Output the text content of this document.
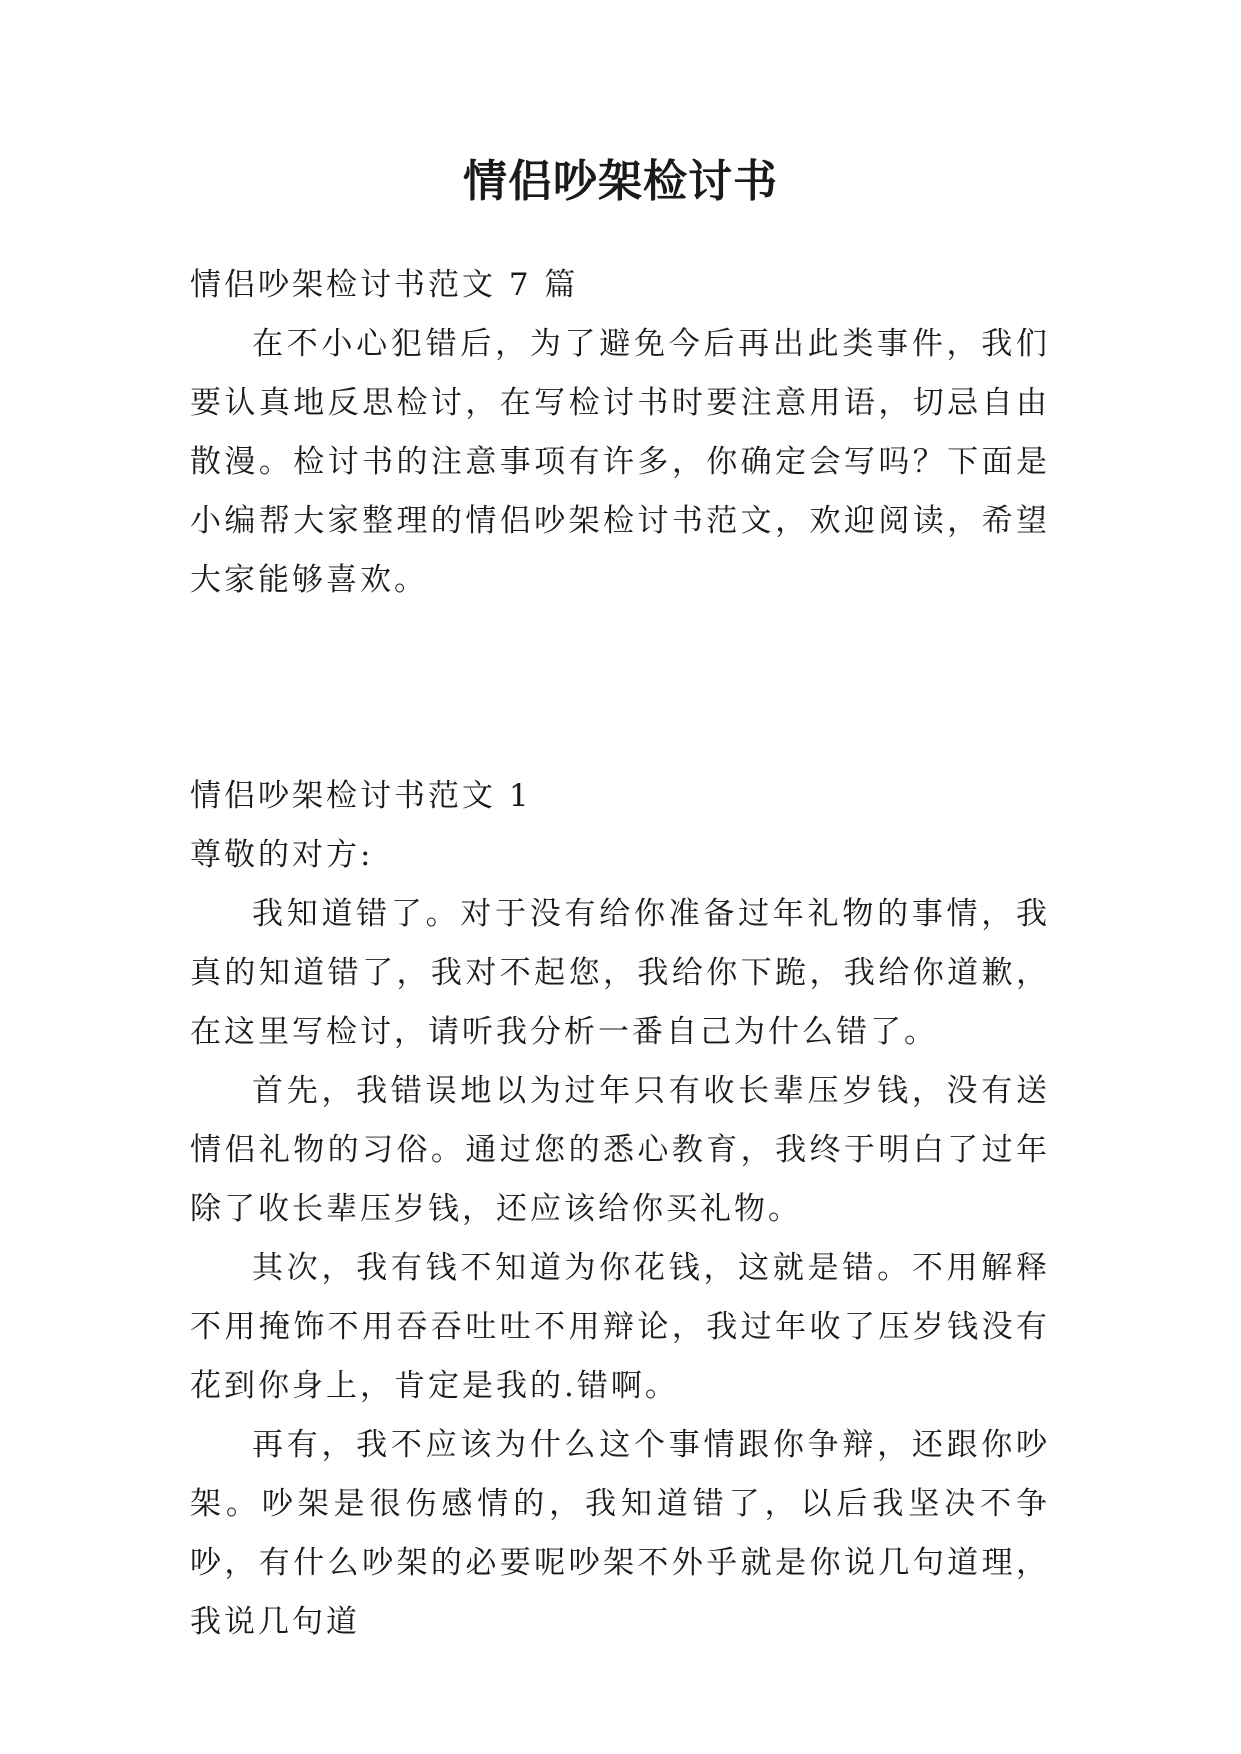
情侣吵架检讨书

情侣吵架检讨书范文 7 篇

在不小心犯错后，为了避免今后再出此类事件，我们要认真地反思检讨，在写检讨书时要注意用语，切忌自由散漫。检讨书的注意事项有许多，你确定会写吗？下面是小编帮大家整理的情侣吵架检讨书范文，欢迎阅读，希望大家能够喜欢。

情侣吵架检讨书范文 1

尊敬的对方:

我知道错了。对于没有给你准备过年礼物的事情，我真的知道错了，我对不起您，我给你下跪，我给你道歉，在这里写检讨，请听我分析一番自己为什么错了。

首先，我错误地以为过年只有收长辈压岁钱，没有送情侣礼物的习俗。通过您的悉心教育，我终于明白了过年除了收长辈压岁钱，还应该给你买礼物。

其次，我有钱不知道为你花钱，这就是错。不用解释不用掩饰不用吞吞吐吐不用辩论，我过年收了压岁钱没有花到你身上，肯定是我的.错啊。

再有，我不应该为什么这个事情跟你争辩，还跟你吵架。吵架是很伤感情的，我知道错了，以后我坚决不争吵，有什么吵架的必要呢吵架不外乎就是你说几句道理，我说几句道
